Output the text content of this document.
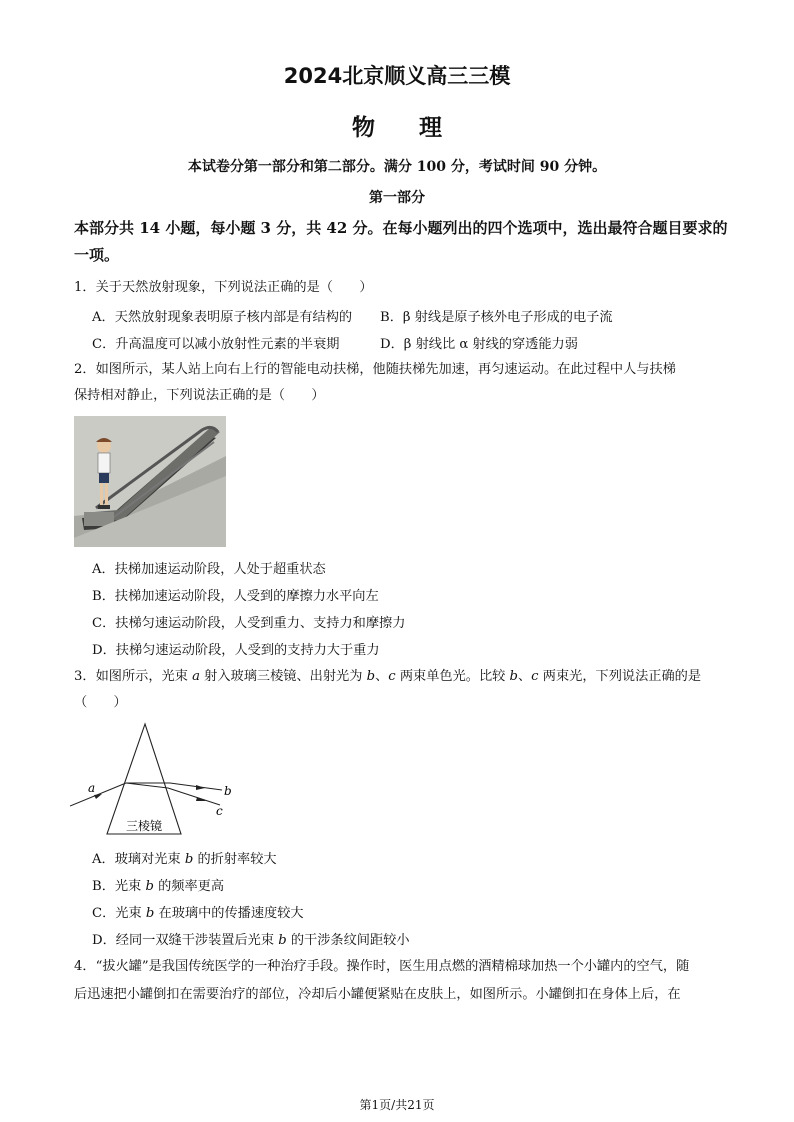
2024北京顺义高三三模
物 理
本试卷分第一部分和第二部分。满分 100 分，考试时间 90 分钟。
第一部分
本部分共 14 小题，每小题 3 分，共 42 分。在每小题列出的四个选项中，选出最符合题目要求的一项。
1．关于天然放射现象，下列说法正确的是（　　）
A．天然放射现象表明原子核内部是有结构的 B．β 射线是原子核外电子形成的电子流
C．升高温度可以减小放射性元素的半衰期	D．β 射线比 α 射线的穿透能力弱
2．如图所示，某人站上向右上行的智能电动扶梯，他随扶梯先加速，再匀速运动。在此过程中人与扶梯
保持相对静止，下列说法正确的是（　　）
A．扶梯加速运动阶段，人处于超重状态
B．扶梯加速运动阶段，人受到的摩擦力水平向左
C．扶梯匀速运动阶段，人受到重力、支持力和摩擦力
D．扶梯匀速运动阶段，人受到的支持力大于重力
3．如图所示，光束 a 射入玻璃三棱镜、出射光为 b、c 两束单色光。比较 b、c 两束光，下列说法正确的是
（　　）
a	b
c
三棱镜
A．玻璃对光束 b 的折射率较大
B．光束 b 的频率更高
C．光束 b 在玻璃中的传播速度较大
D．经同一双缝干涉装置后光束 b 的干涉条纹间距较小
4．“拔火罐”是我国传统医学的一种治疗手段。操作时，医生用点燃的酒精棉球加热一个小罐内的空气，随
后迅速把小罐倒扣在需要治疗的部位，冷却后小罐便紧贴在皮肤上，如图所示。小罐倒扣在身体上后，在
第1页/共21页
